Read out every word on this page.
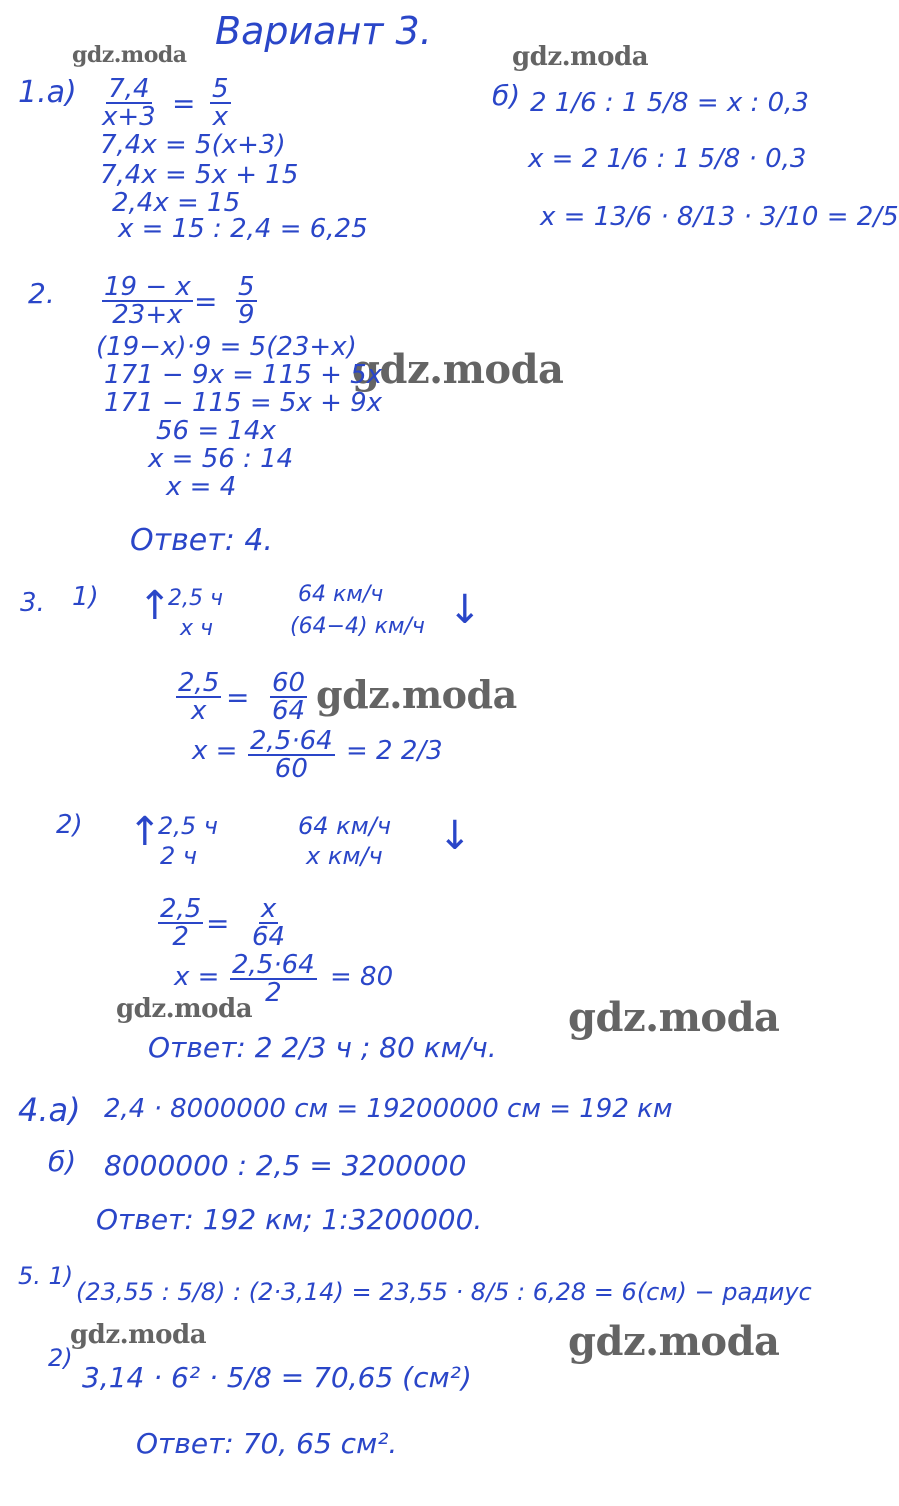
Вариант 3.
gdz.moda	gdz.moda
gdz.moda
gdz.moda
gdz.moda	gdz.moda
gdz.moda	gdz.moda
$1.а) \frac{7,4}{x+3} = \frac{5}{x}$
7,4x = 5(x+3)
7,4x = 5x + 15
2,4x = 15
x = 15 : 2,4 = 6,25
б) 2 1/6 : 1 5/8 = x : 0,3
x = 2 1/6 : 1 5/8 · 0,3
x = 13/6 · 8/13 · 3/10 = 2/5
2. $\frac{19 - x}{23+x} = \frac{5}{9}$
(19−x)·9 = 5(23+x)
171 − 9x = 115 + 5x
171 − 115 = 5x + 9x
56 = 14x
x = 56 : 14
x = 4
Ответ: 4.
3. 1) ↑
2,5 ч	64 км/ч
x ч	(64−4) км/ч ↓
$\frac{2,5}{x} = \frac{60}{64}$
$x = \frac{2,5\cdot 64}{60} = 2$ 2/3
2) ↑
2,5 ч	64 км/ч
2 ч	x км/ч ↓
$\frac{2,5}{2} = \frac{x}{64}$
$x = \frac{2,5\cdot 64}{2} = 80$
Ответ: 2 2/3 ч ; 80 км/ч.
4.а) 2,4 · 8000000 см = 19200000 см = 192 км
б) 8000000 : 2,5 = 3200000
Ответ: 192 км; 1:3200000.
5. 1)
(23,55 : 5/8) : (2·3,14) = 23,55 · 8/5 : 6,28 = 6(см) − радиус
2)
3,14 · 6² · 5/8 = 70,65 (см²)
Ответ: 70, 65 см².
